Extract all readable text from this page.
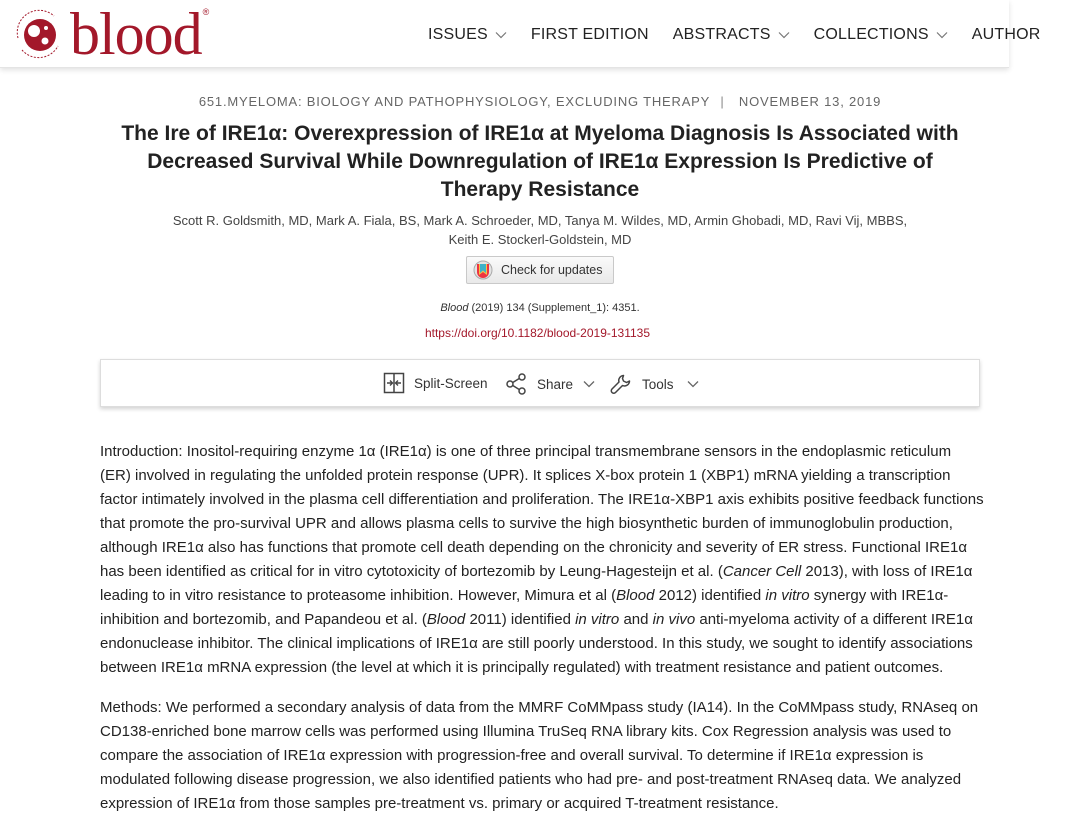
blood ®
ISSUES	FIRST EDITION ABSTRACTS	COLLECTIONS	AUTHOR
651.MYELOMA: BIOLOGY AND PATHOPHYSIOLOGY, EXCLUDING THERAPY | NOVEMBER 13, 2019
The Ire of IRE1α: Overexpression of IRE1α at Myeloma Diagnosis Is Associated with
Decreased Survival While Downregulation of IRE1α Expression Is Predictive of
Therapy Resistance
Scott R. Goldsmith, MD, Mark A. Fiala, BS, Mark A. Schroeder, MD, Tanya M. Wildes, MD, Armin Ghobadi, MD, Ravi Vij, MBBS,
Keith E. Stockerl-Goldstein, MD
Check for updates
Blood (2019) 134 (Supplement_1): 4351.
https://doi.org/10.1182/blood-2019-131135
Split-Screen	Share	Tools

Introduction: Inositol-requiring enzyme 1α (IRE1α) is one of three principal transmembrane sensors in the endoplasmic reticulum (ER) involved in regulating the unfolded protein response (UPR). It splices X-box protein 1 (XBP1) mRNA yielding a transcription factor intimately involved in the plasma cell differentiation and proliferation. The IRE1α-XBP1 axis exhibits positive feedback functions that promote the pro-survival UPR and allows plasma cells to survive the high biosynthetic burden of immunoglobulin production, although IRE1α also has functions that promote cell death depending on the chronicity and severity of ER stress. Functional IRE1α has been identified as critical for in vitro cytotoxicity of bortezomib by Leung-Hagesteijn et al. (Cancer Cell 2013), with loss of IRE1α leading to in vitro resistance to proteasome inhibition. However, Mimura et al (Blood 2012) identified in vitro synergy with IRE1α-inhibition and bortezomib, and Papandeou et al. (Blood 2011) identified in vitro and in vivo anti-myeloma activity of a different IRE1α endonuclease inhibitor. The clinical implications of IRE1α are still poorly understood. In this study, we sought to identify associations between IRE1α mRNA expression (the level at which it is principally regulated) with treatment resistance and patient outcomes.

Methods: We performed a secondary analysis of data from the MMRF CoMMpass study (IA14). In the CoMMpass study, RNAseq on CD138-enriched bone marrow cells was performed using Illumina TruSeq RNA library kits. Cox Regression analysis was used to compare the association of IRE1α expression with progression-free and overall survival. To determine if IRE1α expression is modulated following disease progression, we also identified patients who had pre- and post-treatment RNAseq data. We analyzed expression of IRE1α from those samples pre-treatment vs. primary or acquired T-treatment resistance.
